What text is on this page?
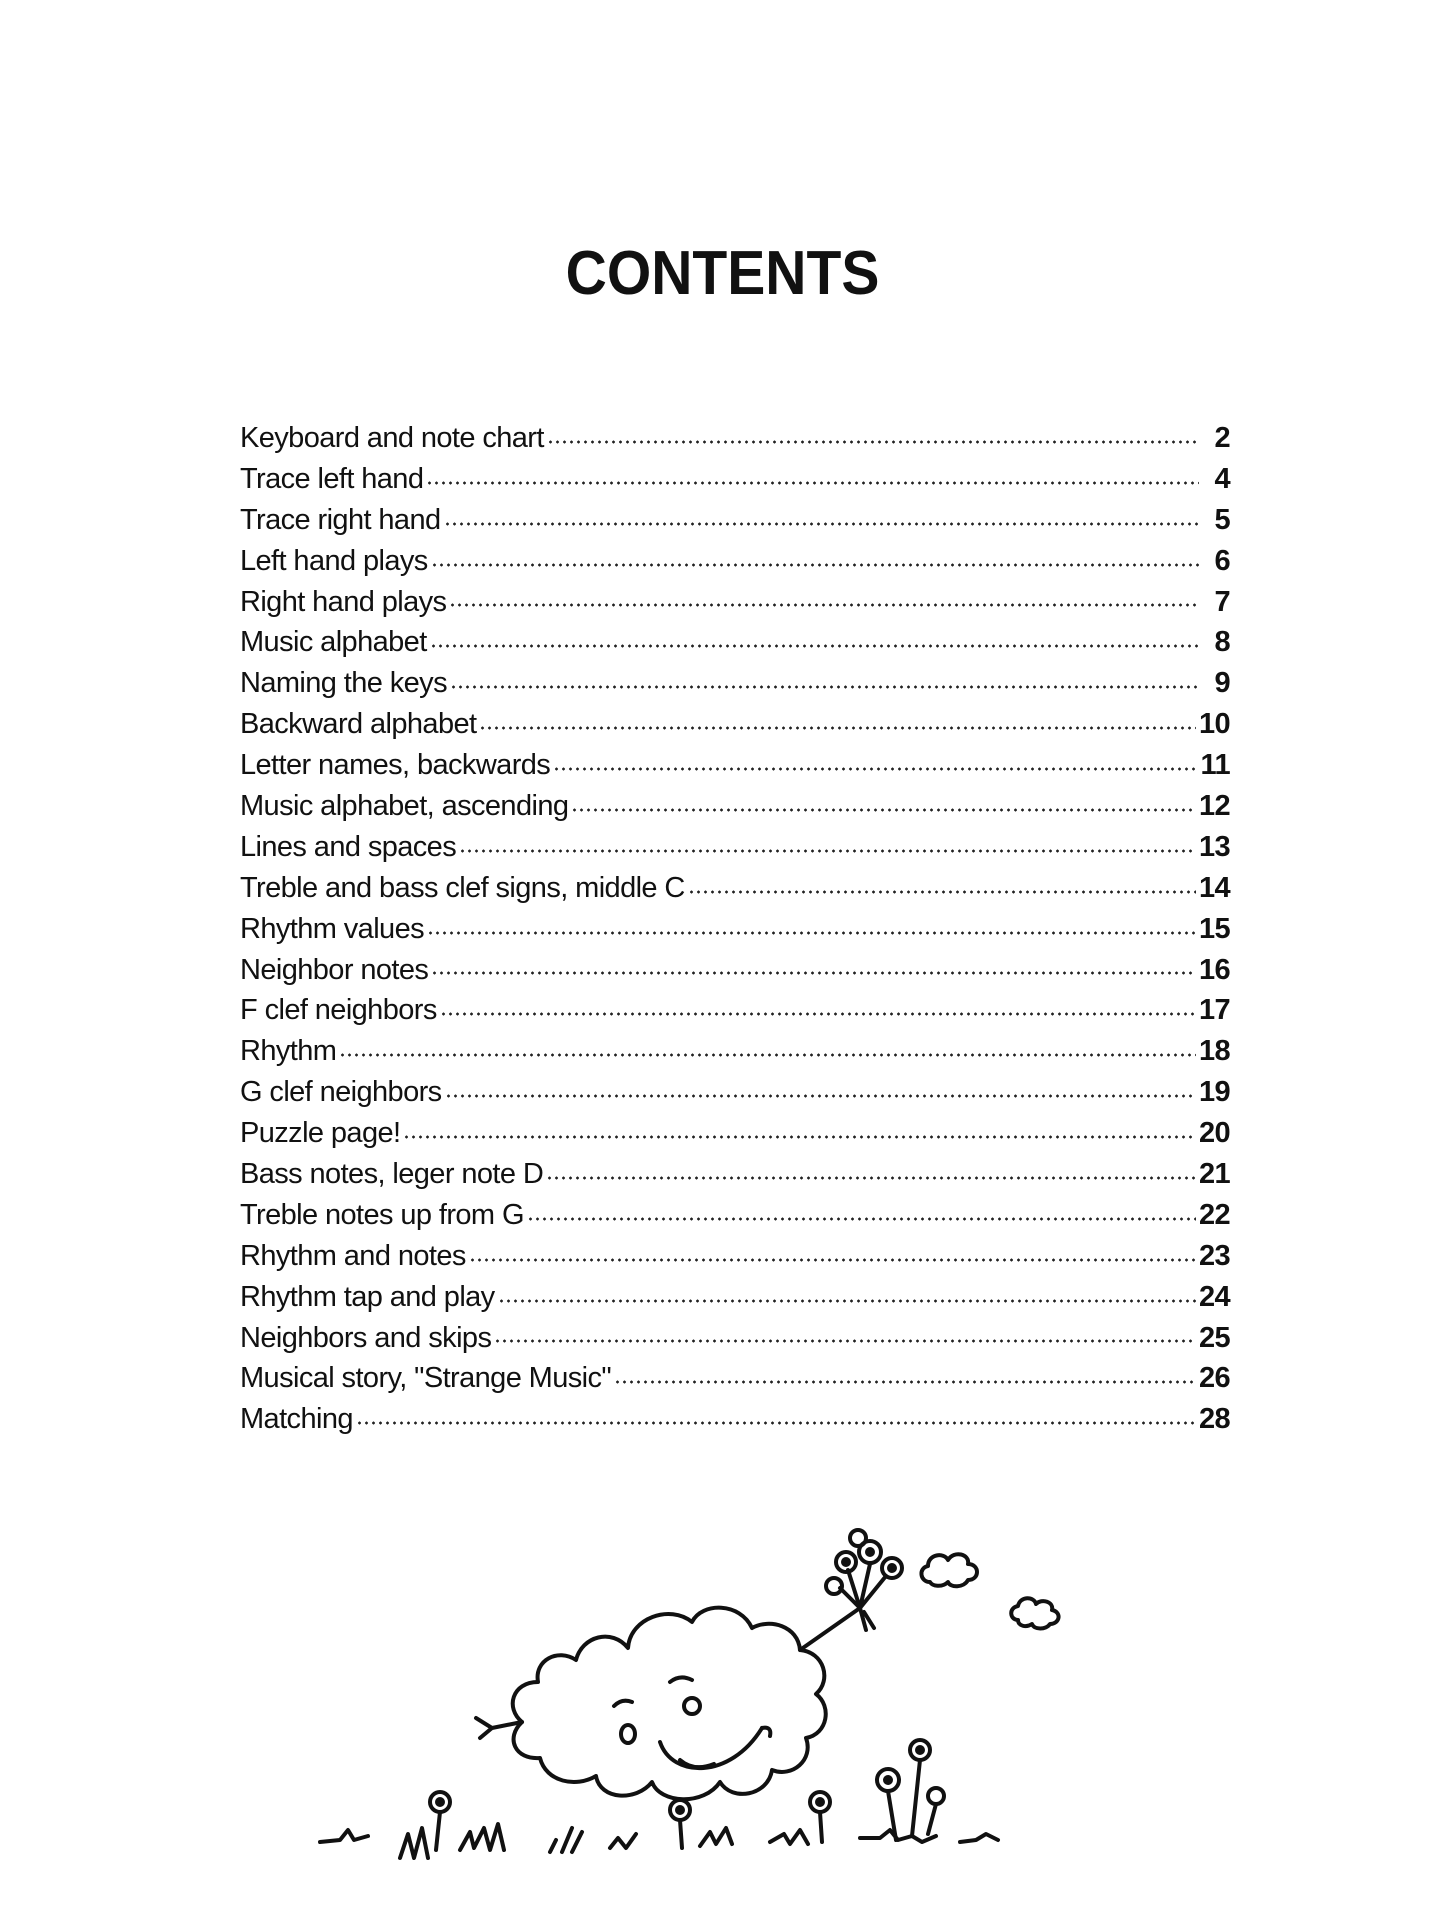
CONTENTS
Keyboard and note chart	2
Trace left hand	4
Trace right hand	5
Left hand plays	6
Right hand plays	7
Music alphabet	8
Naming the keys	9
Backward alphabet	10
Letter names, backwards	11
Music alphabet, ascending	12
Lines and spaces	13
Treble and bass clef signs, middle C	14
Rhythm values	15
Neighbor notes	16
F clef neighbors	17
Rhythm	18
G clef neighbors	19
Puzzle page!	20
Bass notes, leger note D	21
Treble notes up from G	22
Rhythm and notes	23
Rhythm tap and play	24
Neighbors and skips	25
Musical story, "Strange Music"	26
Matching	28
